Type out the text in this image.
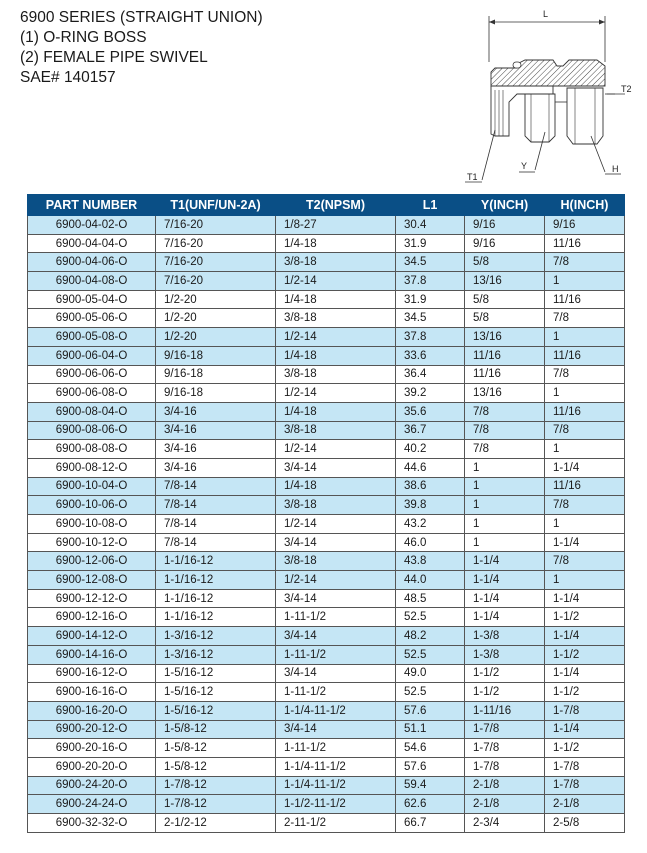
6900 SERIES (STRAIGHT UNION)
(1) O-RING BOSS
(2) FEMALE PIPE SWIVEL
SAE# 140157
L
T2
T1
Y	H
PART NUMBER	T1(UNF/UN-2A)	T2(NPSM)	L1	Y(INCH)	H(INCH)
6900-04-02-O	7/16-20	1/8-27	30.4	9/16	9/16
6900-04-04-O	7/16-20	1/4-18	31.9	9/16	11/16
6900-04-06-O	7/16-20	3/8-18	34.5	5/8	7/8
6900-04-08-O	7/16-20	1/2-14	37.8	13/16	1
6900-05-04-O	1/2-20	1/4-18	31.9	5/8	11/16
6900-05-06-O	1/2-20	3/8-18	34.5	5/8	7/8
6900-05-08-O	1/2-20	1/2-14	37.8	13/16	1
6900-06-04-O	9/16-18	1/4-18	33.6	11/16	11/16
6900-06-06-O	9/16-18	3/8-18	36.4	11/16	7/8
6900-06-08-O	9/16-18	1/2-14	39.2	13/16	1
6900-08-04-O	3/4-16	1/4-18	35.6	7/8	11/16
6900-08-06-O	3/4-16	3/8-18	36.7	7/8	7/8
6900-08-08-O	3/4-16	1/2-14	40.2	7/8	1
6900-08-12-O	3/4-16	3/4-14	44.6	1	1-1/4
6900-10-04-O	7/8-14	1/4-18	38.6	1	11/16
6900-10-06-O	7/8-14	3/8-18	39.8	1	7/8
6900-10-08-O	7/8-14	1/2-14	43.2	1	1
6900-10-12-O	7/8-14	3/4-14	46.0	1	1-1/4
6900-12-06-O	1-1/16-12	3/8-18	43.8	1-1/4	7/8
6900-12-08-O	1-1/16-12	1/2-14	44.0	1-1/4	1
6900-12-12-O	1-1/16-12	3/4-14	48.5	1-1/4	1-1/4
6900-12-16-O	1-1/16-12	1-11-1/2	52.5	1-1/4	1-1/2
6900-14-12-O	1-3/16-12	3/4-14	48.2	1-3/8	1-1/4
6900-14-16-O	1-3/16-12	1-11-1/2	52.5	1-3/8	1-1/2
6900-16-12-O	1-5/16-12	3/4-14	49.0	1-1/2	1-1/4
6900-16-16-O	1-5/16-12	1-11-1/2	52.5	1-1/2	1-1/2
6900-16-20-O	1-5/16-12	1-1/4-11-1/2	57.6	1-11/16	1-7/8
6900-20-12-O	1-5/8-12	3/4-14	51.1	1-7/8	1-1/4
6900-20-16-O	1-5/8-12	1-11-1/2	54.6	1-7/8	1-1/2
6900-20-20-O	1-5/8-12	1-1/4-11-1/2	57.6	1-7/8	1-7/8
6900-24-20-O	1-7/8-12	1-1/4-11-1/2	59.4	2-1/8	1-7/8
6900-24-24-O	1-7/8-12	1-1/2-11-1/2	62.6	2-1/8	2-1/8
6900-32-32-O	2-1/2-12	2-11-1/2	66.7	2-3/4	2-5/8
